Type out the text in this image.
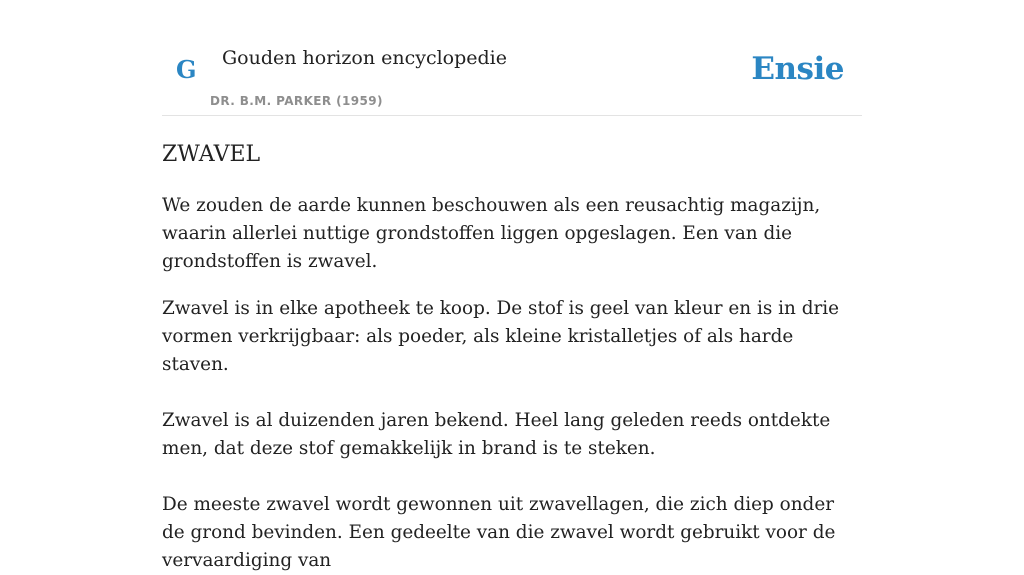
G Gouden horizon encyclopedie
DR. B.M. PARKER (1959)
Ensie
ZWAVEL

We zouden de aarde kunnen beschouwen als een reusachtig magazijn, waarin allerlei nuttige grondstoffen liggen opgeslagen. Een van die grondstoffen is zwavel.

Zwavel is in elke apotheek te koop. De stof is geel van kleur en is in drie vormen verkrijgbaar: als poeder, als kleine kristalletjes of als harde staven.

Zwavel is al duizenden jaren bekend. Heel lang geleden reeds ontdekte men, dat deze stof gemakkelijk in brand is te steken.

De meeste zwavel wordt gewonnen uit zwavellagen, die zich diep onder de grond bevinden. Een gedeelte van die zwavel wordt gebruikt voor de vervaardiging van
